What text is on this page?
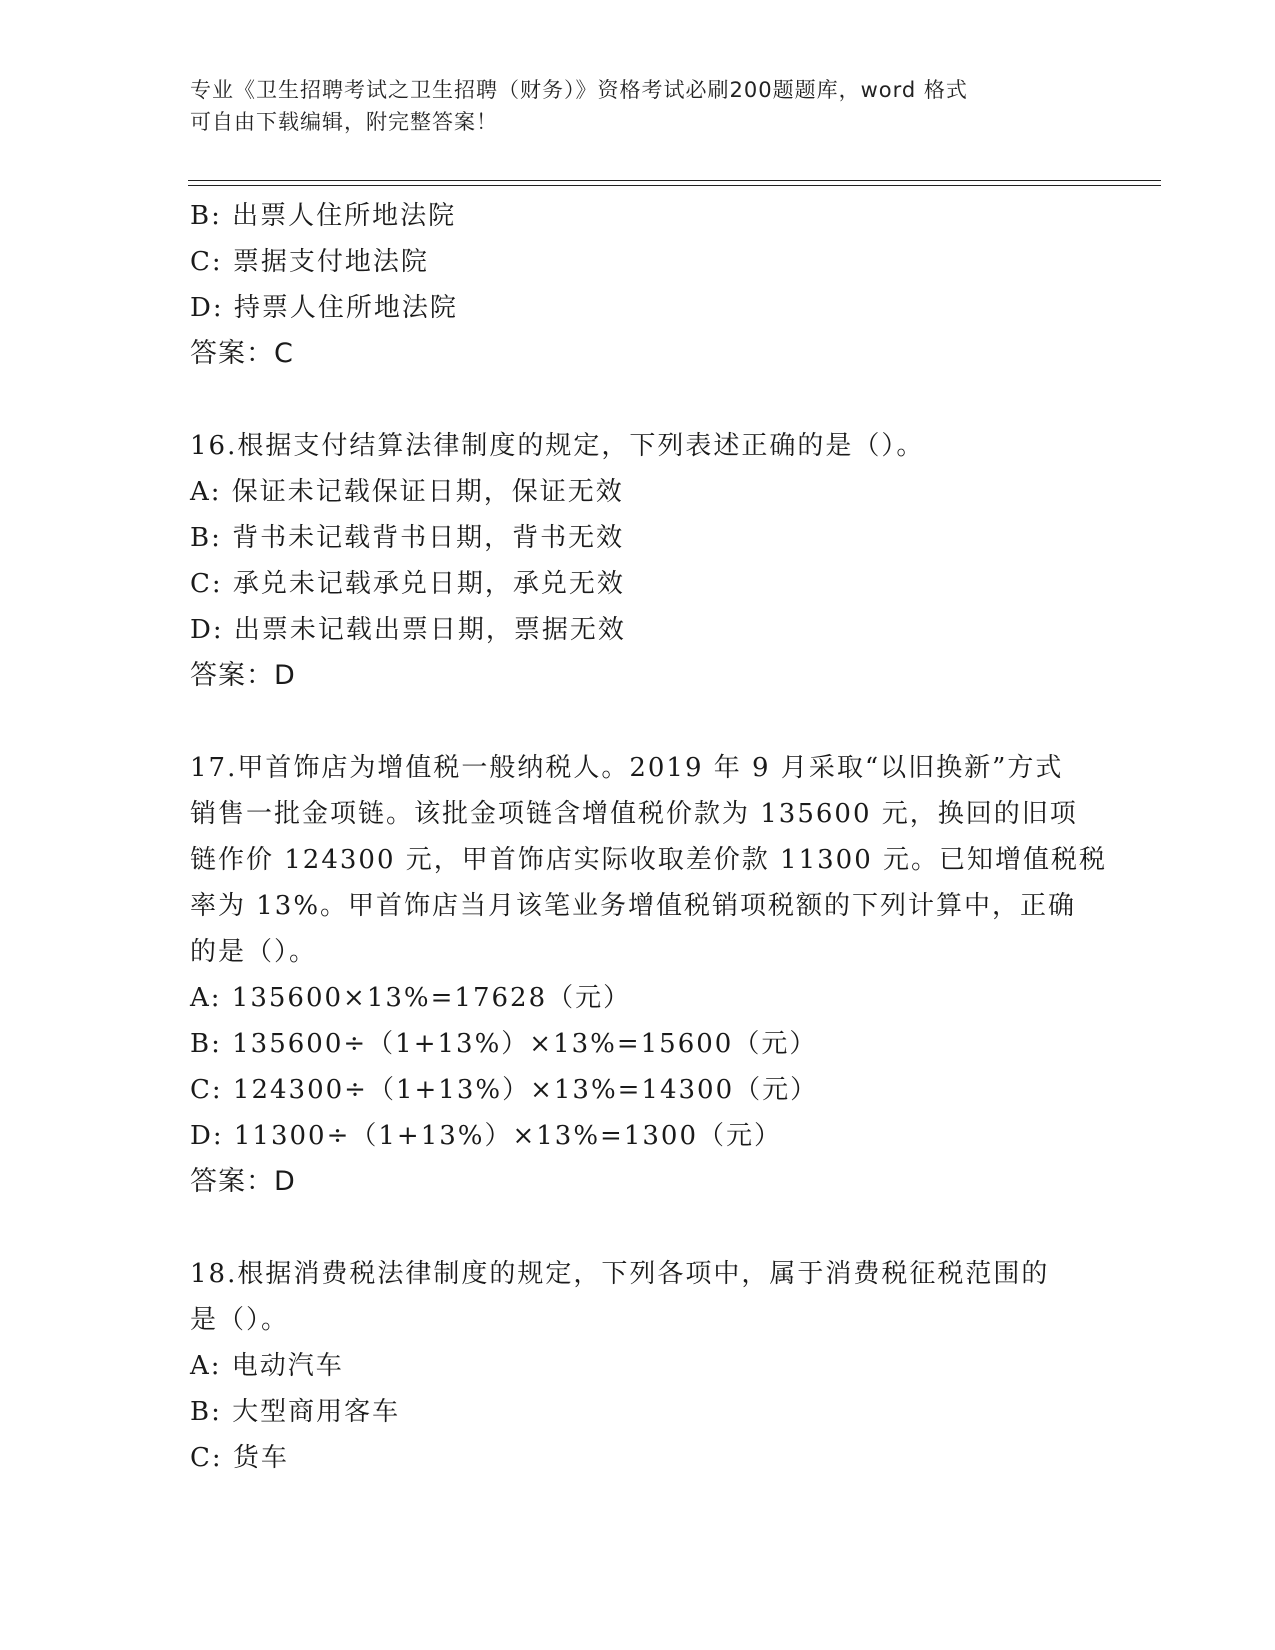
专业《卫生招聘考试之卫生招聘（财务）》资格考试必刷200题题库，word 格式
可自由下载编辑，附完整答案！
B: 出票人住所地法院
C: 票据支付地法院
D: 持票人住所地法院
答案：C
16.根据支付结算法律制度的规定，下列表述正确的是（）。
A: 保证未记载保证日期，保证无效
B: 背书未记载背书日期，背书无效
C: 承兑未记载承兑日期，承兑无效
D: 出票未记载出票日期，票据无效
答案：D
17.甲首饰店为增值税一般纳税人。2019 年 9 月采取“以旧换新”方式
销售一批金项链。该批金项链含增值税价款为 135600 元，换回的旧项
链作价 124300 元，甲首饰店实际收取差价款 11300 元。已知增值税税
率为 13%。甲首饰店当月该笔业务增值税销项税额的下列计算中，正确
的是（）。
A: 135600×13%=17628（元）
B: 135600÷（1+13%）×13%=15600（元）
C: 124300÷（1+13%）×13%=14300（元）
D: 11300÷（1+13%）×13%=1300（元）
答案：D
18.根据消费税法律制度的规定，下列各项中，属于消费税征税范围的
是（）。
A: 电动汽车
B: 大型商用客车
C: 货车
